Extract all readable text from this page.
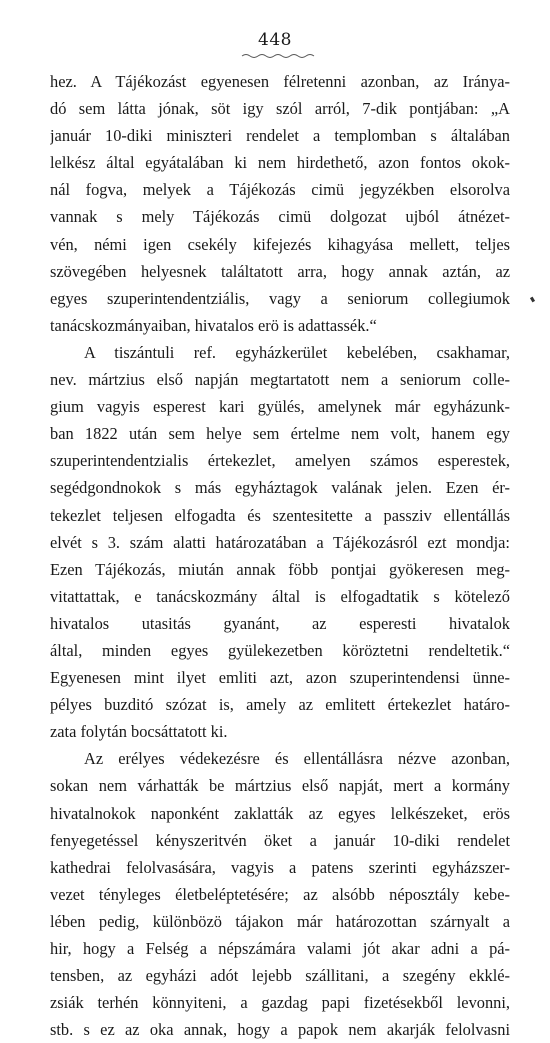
448
hez. A Tájékozást egyenesen félretenni azonban, az Iránya-
dó sem látta jónak, söt igy szól arról, 7-dik pontjában: „A
január 10-diki miniszteri rendelet a templomban s általában
lelkész által egyátalában ki nem hirdethető, azon fontos okok-
nál fogva, melyek a Tájékozás cimü jegyzékben elsorolva
vannak s mely Tájékozás cimü dolgozat ujból átnézet-
vén, némi igen csekély kifejezés kihagyása mellett, teljes
szövegében helyesnek találtatott arra, hogy annak aztán, az
egyes szuperintendentziális, vagy a seniorum collegiumok
tanácskozmányaiban, hivatalos erö is adattassék.“
A tiszántuli ref. egyházkerület kebelében, csakhamar,
nev. mártzius első napján megtartatott nem a seniorum colle-
gium vagyis esperest kari gyülés, amelynek már egyházunk-
ban 1822 után sem helye sem értelme nem volt, hanem egy
szuperintendentzialis értekezlet, amelyen számos esperestek,
segédgondnokok s más egyháztagok valának jelen. Ezen ér-
tekezlet teljesen elfogadta és szentesitette a passziv ellentállás
elvét s 3. szám alatti határozatában a Tájékozásról ezt mondja:
Ezen Tájékozás, miután annak föbb pontjai gyökeresen meg-
vitattattak, e tanácskozmány által is elfogadtatik s kötelező
hivatalos utasitás gyanánt, az esperesti hivatalok
által, minden egyes gyülekezetben köröztetni rendeltetik.“
Egyenesen mint ilyet emliti azt, azon szuperintendensi ünne-
pélyes buzditó szózat is, amely az emlitett értekezlet határo-
zata folytán bocsáttatott ki.
Az erélyes védekezésre és ellentállásra nézve azonban,
sokan nem várhatták be mártzius első napját, mert a kormány
hivatalnokok naponként zaklatták az egyes lelkészeket, erös
fenyegetéssel kényszeritvén öket a január 10-diki rendelet
kathedrai felolvasására, vagyis a patens szerinti egyházszer-
vezet tényleges életbeléptetésére; az alsóbb néposztály kebe-
lében pedig, különbözö tájakon már határozottan szárnyalt a
hir, hogy a Felség a népszámára valami jót akar adni a pá-
tensben, az egyházi adót lejebb szállitani, a szegény ekklé-
zsiák terhén könnyiteni, a gazdag papi fizetésekből levonni,
stb. s ez az oka annak, hogy a papok nem akarják felolvasni
